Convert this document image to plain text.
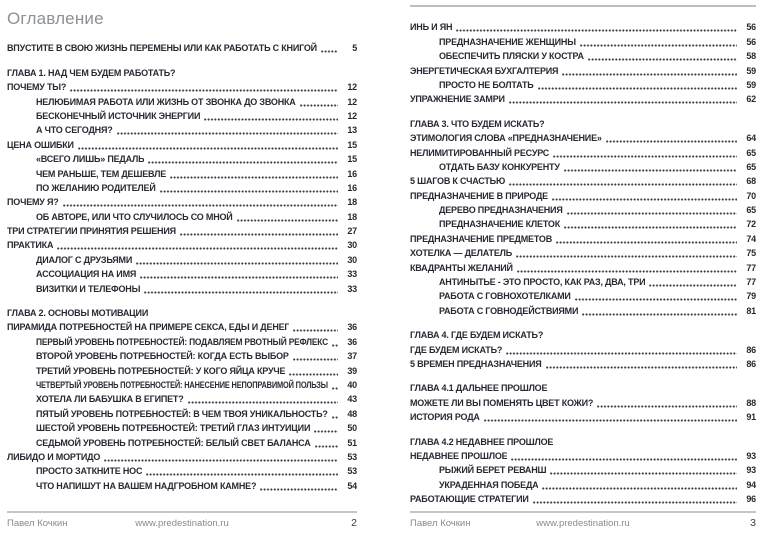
Оглавление
ВПУСТИТЕ В СВОЮ ЖИЗНЬ ПЕРЕМЕНЫ ИЛИ КАК РАБОТАТЬ С КНИГОЙ	5
ГЛАВА 1. НАД ЧЕМ БУДЕМ РАБОТАТЬ?
ПОЧЕМУ ТЫ?	12
НЕЛЮБИМАЯ РАБОТА ИЛИ ЖИЗНЬ ОТ ЗВОНКА ДО ЗВОНКА	12
БЕСКОНЕЧНЫЙ ИСТОЧНИК ЭНЕРГИИ	12
А ЧТО СЕГОДНЯ?	13
ЦЕНА ОШИБКИ	15
«ВСЕГО ЛИШЬ» ПЕДАЛЬ	15
ЧЕМ РАНЬШЕ, ТЕМ ДЕШЕВЛЕ	16
ПО ЖЕЛАНИЮ РОДИТЕЛЕЙ	16
ПОЧЕМУ Я?	18
ОБ АВТОРЕ, ИЛИ ЧТО СЛУЧИЛОСЬ СО МНОЙ	18
ТРИ СТРАТЕГИИ ПРИНЯТИЯ РЕШЕНИЯ	27
ПРАКТИКА	30
ДИАЛОГ С ДРУЗЬЯМИ	30
АССОЦИАЦИЯ НА ИМЯ	33
ВИЗИТКИ И ТЕЛЕФОНЫ	33
ГЛАВА 2. ОСНОВЫ МОТИВАЦИИ
ПИРАМИДА ПОТРЕБНОСТЕЙ НА ПРИМЕРЕ СЕКСА, ЕДЫ И ДЕНЕГ	36
ПЕРВЫЙ УРОВЕНЬ ПОТРЕБНОСТЕЙ: ПОДАВЛЯЕМ РВОТНЫЙ РЕФЛЕКС	36
ВТОРОЙ УРОВЕНЬ ПОТРЕБНОСТЕЙ: КОГДА ЕСТЬ ВЫБОР	37
ТРЕТИЙ УРОВЕНЬ ПОТРЕБНОСТЕЙ: У КОГО ЯЙЦА КРУЧЕ	39
ЧЕТВЕРТЫЙ УРОВЕНЬ ПОТРЕБНОСТЕЙ: НАНЕСЕНИЕ НЕПОПРАВИМОЙ ПОЛЬЗЫ	40
ХОТЕЛА ЛИ БАБУШКА В ЕГИПЕТ?	43
ПЯТЫЙ УРОВЕНЬ ПОТРЕБНОСТЕЙ: В ЧЕМ ТВОЯ УНИКАЛЬНОСТЬ?	48
ШЕСТОЙ УРОВЕНЬ ПОТРЕБНОСТЕЙ: ТРЕТИЙ ГЛАЗ ИНТУИЦИИ	50
СЕДЬМОЙ УРОВЕНЬ ПОТРЕБНОСТЕЙ: БЕЛЫЙ СВЕТ БАЛАНСА	51
ЛИБИДО И МОРТИДО	53
ПРОСТО ЗАТКНИТЕ НОС	53
ЧТО НАПИШУТ НА ВАШЕМ НАДГРОБНОМ КАМНЕ?	54
Павел Кочкин	www.predestination.ru	2
ИНЬ И ЯН	56
ПРЕДНАЗНАЧЕНИЕ ЖЕНЩИНЫ	56
ОБЕСПЕЧИТЬ ПЛЯСКИ У КОСТРА	58
ЭНЕРГЕТИЧЕСКАЯ БУХГАЛТЕРИЯ	59
ПРОСТО НЕ БОЛТАТЬ	59
УПРАЖНЕНИЕ ЗАМРИ	62
ГЛАВА 3. ЧТО БУДЕМ ИСКАТЬ?
ЭТИМОЛОГИЯ СЛОВА «ПРЕДНАЗНАЧЕНИЕ»	64
НЕЛИМИТИРОВАННЫЙ РЕСУРС	65
ОТДАТЬ БАЗУ КОНКУРЕНТУ	65
5 ШАГОВ К СЧАСТЬЮ	68
ПРЕДНАЗНАЧЕНИЕ В ПРИРОДЕ	70
ДЕРЕВО ПРЕДНАЗНАЧЕНИЯ	65
ПРЕДНАЗНАЧЕНИЕ КЛЕТОК	72
ПРЕДНАЗНАЧЕНИЕ ПРЕДМЕТОВ	74
ХОТЕЛКА — ДЕЛАТЕЛЬ	75
КВАДРАНТЫ ЖЕЛАНИЙ	77
АНТИНЫТЬЕ - ЭТО ПРОСТО, КАК РАЗ, ДВА, ТРИ	77
РАБОТА С ГОВНОХОТЕЛКАМИ	79
РАБОТА С ГОВНОДЕЙСТВИЯМИ	81
ГЛАВА 4. ГДЕ БУДЕМ ИСКАТЬ?
ГДЕ БУДЕМ ИСКАТЬ?	86
5 ВРЕМЕН ПРЕДНАЗНАЧЕНИЯ	86
ГЛАВА 4.1 ДАЛЬНЕЕ ПРОШЛОЕ
МОЖЕТЕ ЛИ ВЫ ПОМЕНЯТЬ ЦВЕТ КОЖИ?	88
ИСТОРИЯ РОДА	91
ГЛАВА 4.2 НЕДАВНЕЕ ПРОШЛОЕ
НЕДАВНЕЕ ПРОШЛОЕ	93
РЫЖИЙ БЕРЕТ РЕВАНШ	93
УКРАДЕННАЯ ПОБЕДА	94
РАБОТАЮЩИЕ СТРАТЕГИИ	96
Павел Кочкин	www.predestination.ru	3
